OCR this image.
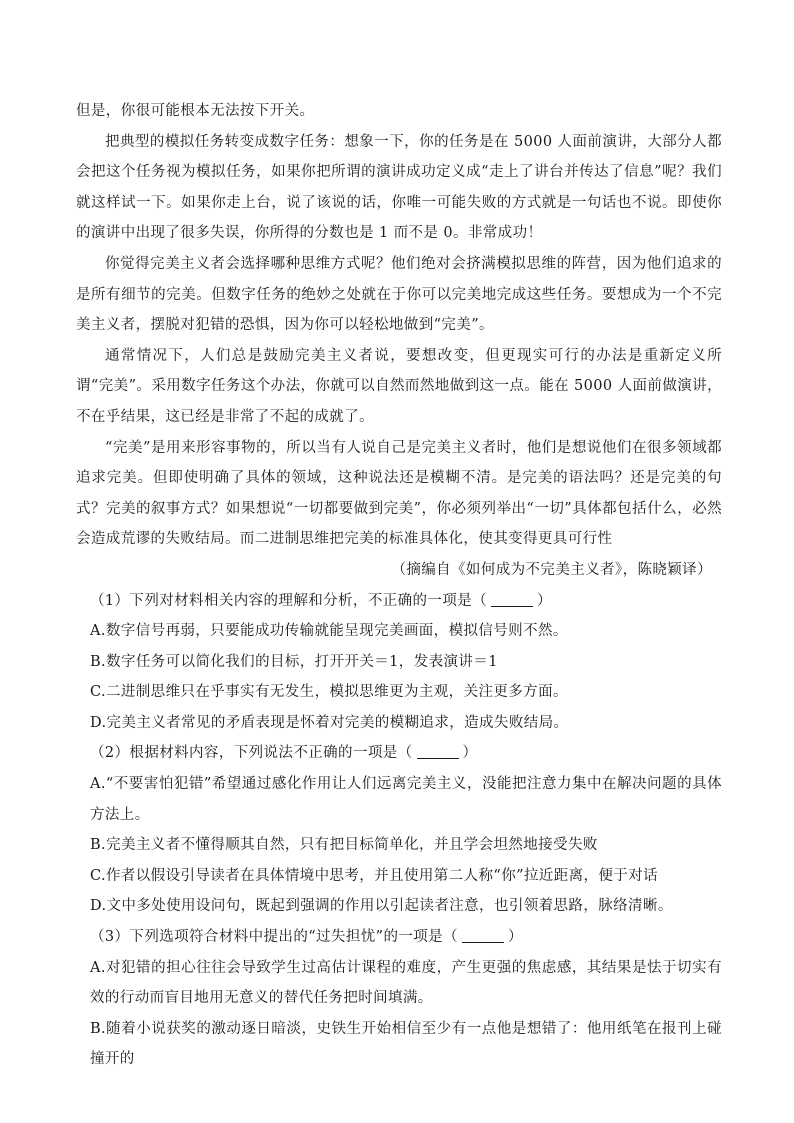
但是，你很可能根本无法按下开关。

把典型的模拟任务转变成数字任务：想象一下，你的任务是在 5000 人面前演讲，大部分人都会把这个任务视为模拟任务，如果你把所谓的演讲成功定义成“走上了讲台并传达了信息”呢？我们就这样试一下。如果你走上台，说了该说的话，你唯一可能失败的方式就是一句话也不说。即使你的演讲中出现了很多失误，你所得的分数也是 1 而不是 0。非常成功！

你觉得完美主义者会选择哪种思维方式呢？他们绝对会挤满模拟思维的阵营，因为他们追求的是所有细节的完美。但数字任务的绝妙之处就在于你可以完美地完成这些任务。要想成为一个不完美主义者，摆脱对犯错的恐惧，因为你可以轻松地做到“完美”。

通常情况下，人们总是鼓励完美主义者说，要想改变，但更现实可行的办法是重新定义所谓“完美”。采用数字任务这个办法，你就可以自然而然地做到这一点。能在 5000 人面前做演讲，不在乎结果，这已经是非常了不起的成就了。

“完美”是用来形容事物的，所以当有人说自己是完美主义者时，他们是想说他们在很多领域都追求完美。但即使明确了具体的领域，这种说法还是模糊不清。是完美的语法吗？还是完美的句式？完美的叙事方式？如果想说“一切都要做到完美”，你必须列举出“一切”具体都包括什么，必然会造成荒谬的失败结局。而二进制思维把完美的标准具体化，使其变得更具可行性

（摘编自《如何成为不完美主义者》，陈晓颖译）

（1）下列对材料相关内容的理解和分析，不正确的一项是（	）

A.数字信号再弱，只要能成功传输就能呈现完美画面，模拟信号则不然。

B.数字任务可以简化我们的目标，打开开关＝1，发表演讲＝1

C.二进制思维只在乎事实有无发生，模拟思维更为主观，关注更多方面。

D.完美主义者常见的矛盾表现是怀着对完美的模糊追求，造成失败结局。

（2）根据材料内容，下列说法不正确的一项是（	）

A.“不要害怕犯错”希望通过感化作用让人们远离完美主义，没能把注意力集中在解决问题的具体方法上。

B.完美主义者不懂得顺其自然，只有把目标简单化，并且学会坦然地接受失败

C.作者以假设引导读者在具体情境中思考，并且使用第二人称“你”拉近距离，便于对话

D.文中多处使用设问句，既起到强调的作用以引起读者注意，也引领着思路，脉络清晰。

（3）下列选项符合材料中提出的“过失担忧”的一项是（	）

A.对犯错的担心往往会导致学生过高估计课程的难度，产生更强的焦虑感，其结果是怯于切实有效的行动而盲目地用无意义的替代任务把时间填满。

B.随着小说获奖的激动逐日暗淡，史铁生开始相信至少有一点他是想错了：他用纸笔在报刊上碰撞开的
